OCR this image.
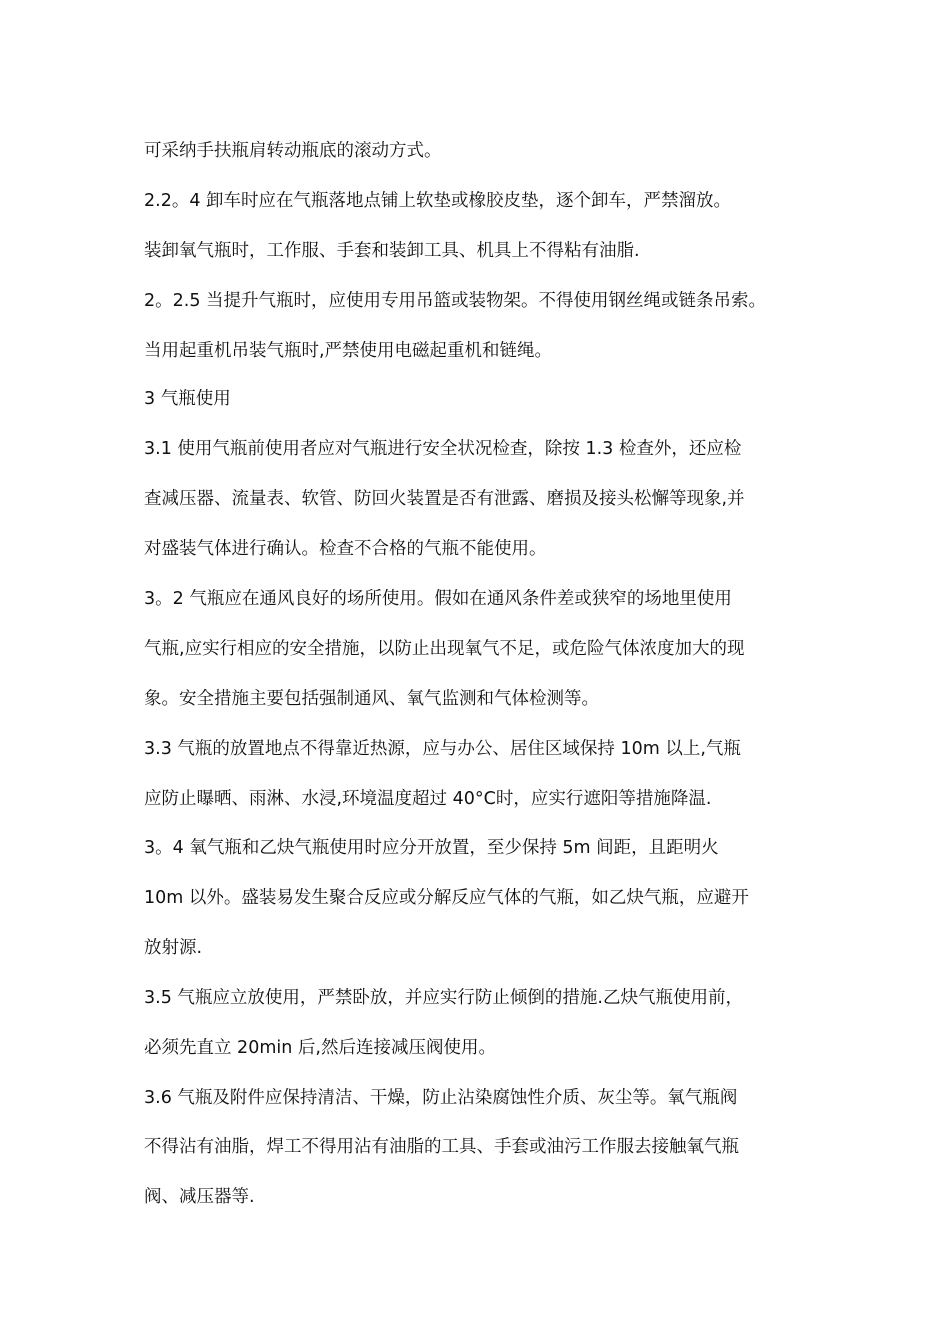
可采纳手扶瓶肩转动瓶底的滚动方式。
2.2。4 卸车时应在气瓶落地点铺上软垫或橡胶皮垫，逐个卸车，严禁溜放。
装卸氧气瓶时，工作服、手套和装卸工具、机具上不得粘有油脂.
2。2.5 当提升气瓶时，应使用专用吊篮或装物架。不得使用钢丝绳或链条吊索。
当用起重机吊装气瓶时,严禁使用电磁起重机和链绳。
3 气瓶使用
3.1 使用气瓶前使用者应对气瓶进行安全状况检查，除按 1.3 检查外，还应检
查减压器、流量表、软管、防回火装置是否有泄露、磨损及接头松懈等现象,并
对盛装气体进行确认。检查不合格的气瓶不能使用。
3。2 气瓶应在通风良好的场所使用。假如在通风条件差或狭窄的场地里使用
气瓶,应实行相应的安全措施，以防止出现氧气不足，或危险气体浓度加大的现
象。安全措施主要包括强制通风、氧气监测和气体检测等。
3.3 气瓶的放置地点不得靠近热源，应与办公、居住区域保持 10m 以上,气瓶
应防止曝晒、雨淋、水浸,环境温度超过 40°C时，应实行遮阳等措施降温.
3。4 氧气瓶和乙炔气瓶使用时应分开放置，至少保持 5m 间距，且距明火
10m 以外。盛装易发生聚合反应或分解反应气体的气瓶，如乙炔气瓶，应避开
放射源.
3.5 气瓶应立放使用，严禁卧放，并应实行防止倾倒的措施.乙炔气瓶使用前，
必须先直立 20min 后,然后连接减压阀使用。
3.6 气瓶及附件应保持清洁、干燥，防止沾染腐蚀性介质、灰尘等。氧气瓶阀
不得沾有油脂，焊工不得用沾有油脂的工具、手套或油污工作服去接触氧气瓶
阀、减压器等.
